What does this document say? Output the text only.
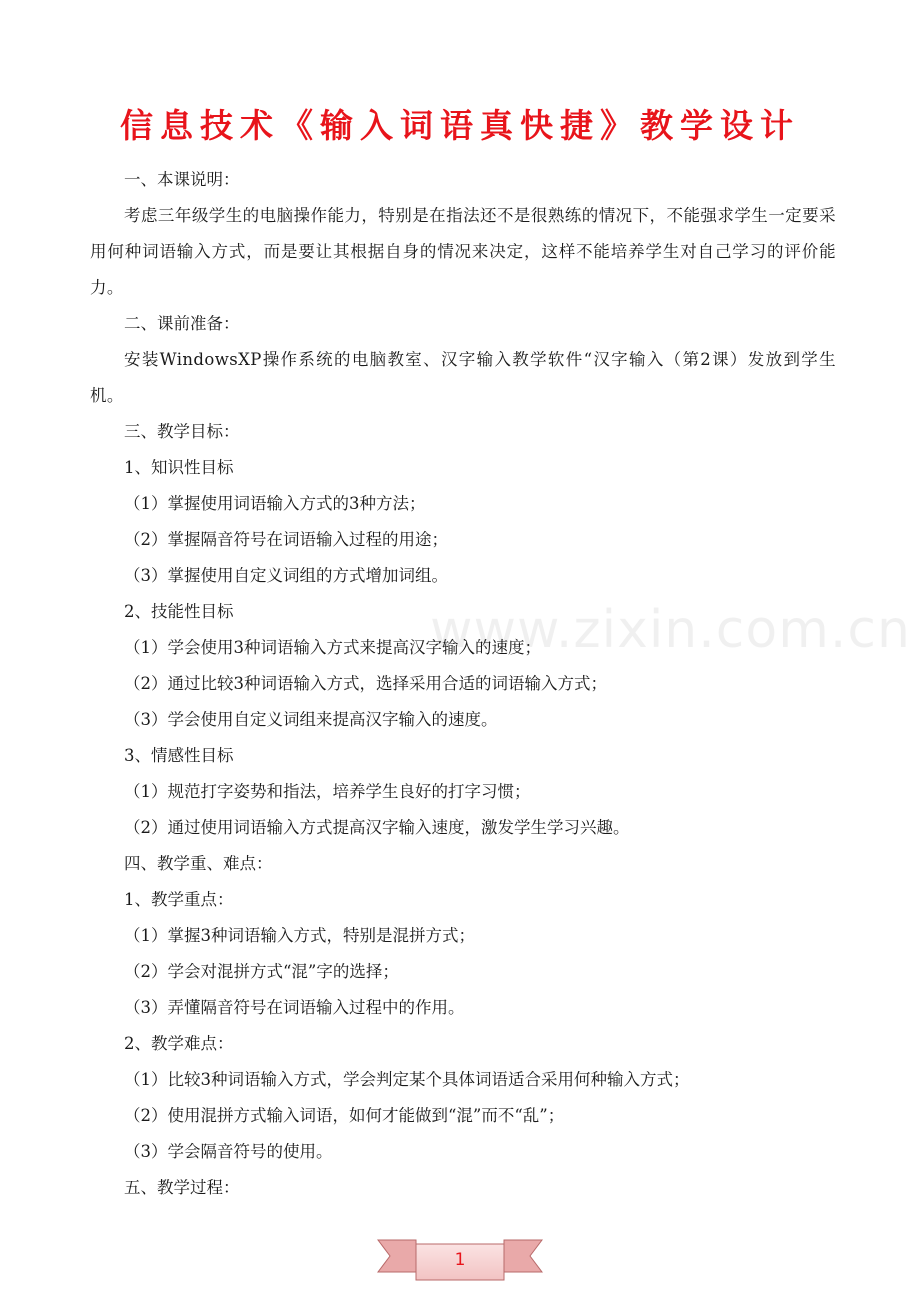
信息技术《输入词语真快捷》教学设计
www.zixin.com.cn
一、本课说明：

考虑三年级学生的电脑操作能力，特别是在指法还不是很熟练的情况下，不能强求学生一定要采用何种词语输入方式，而是要让其根据自身的情况来决定，这样不能培养学生对自己学习的评价能力。

二、课前准备：

安装WindowsXP操作系统的电脑教室、汉字输入教学软件“汉字输入（第2课）发放到学生机。

三、教学目标：
1、知识性目标
（1）掌握使用词语输入方式的3种方法；
（2）掌握隔音符号在词语输入过程的用途；
（3）掌握使用自定义词组的方式增加词组。
2、技能性目标
（1）学会使用3种词语输入方式来提高汉字输入的速度；
（2）通过比较3种词语输入方式，选择采用合适的词语输入方式；
（3）学会使用自定义词组来提高汉字输入的速度。
3、情感性目标
（1）规范打字姿势和指法，培养学生良好的打字习惯；
（2）通过使用词语输入方式提高汉字输入速度，激发学生学习兴趣。
四、教学重、难点：
1、教学重点：
（1）掌握3种词语输入方式，特别是混拼方式；
（2）学会对混拼方式“混”字的选择；
（3）弄懂隔音符号在词语输入过程中的作用。
2、教学难点：
（1）比较3种词语输入方式，学会判定某个具体词语适合采用何种输入方式；
（2）使用混拼方式输入词语，如何才能做到“混”而不“乱”；
（3）学会隔音符号的使用。
五、教学过程：
1
